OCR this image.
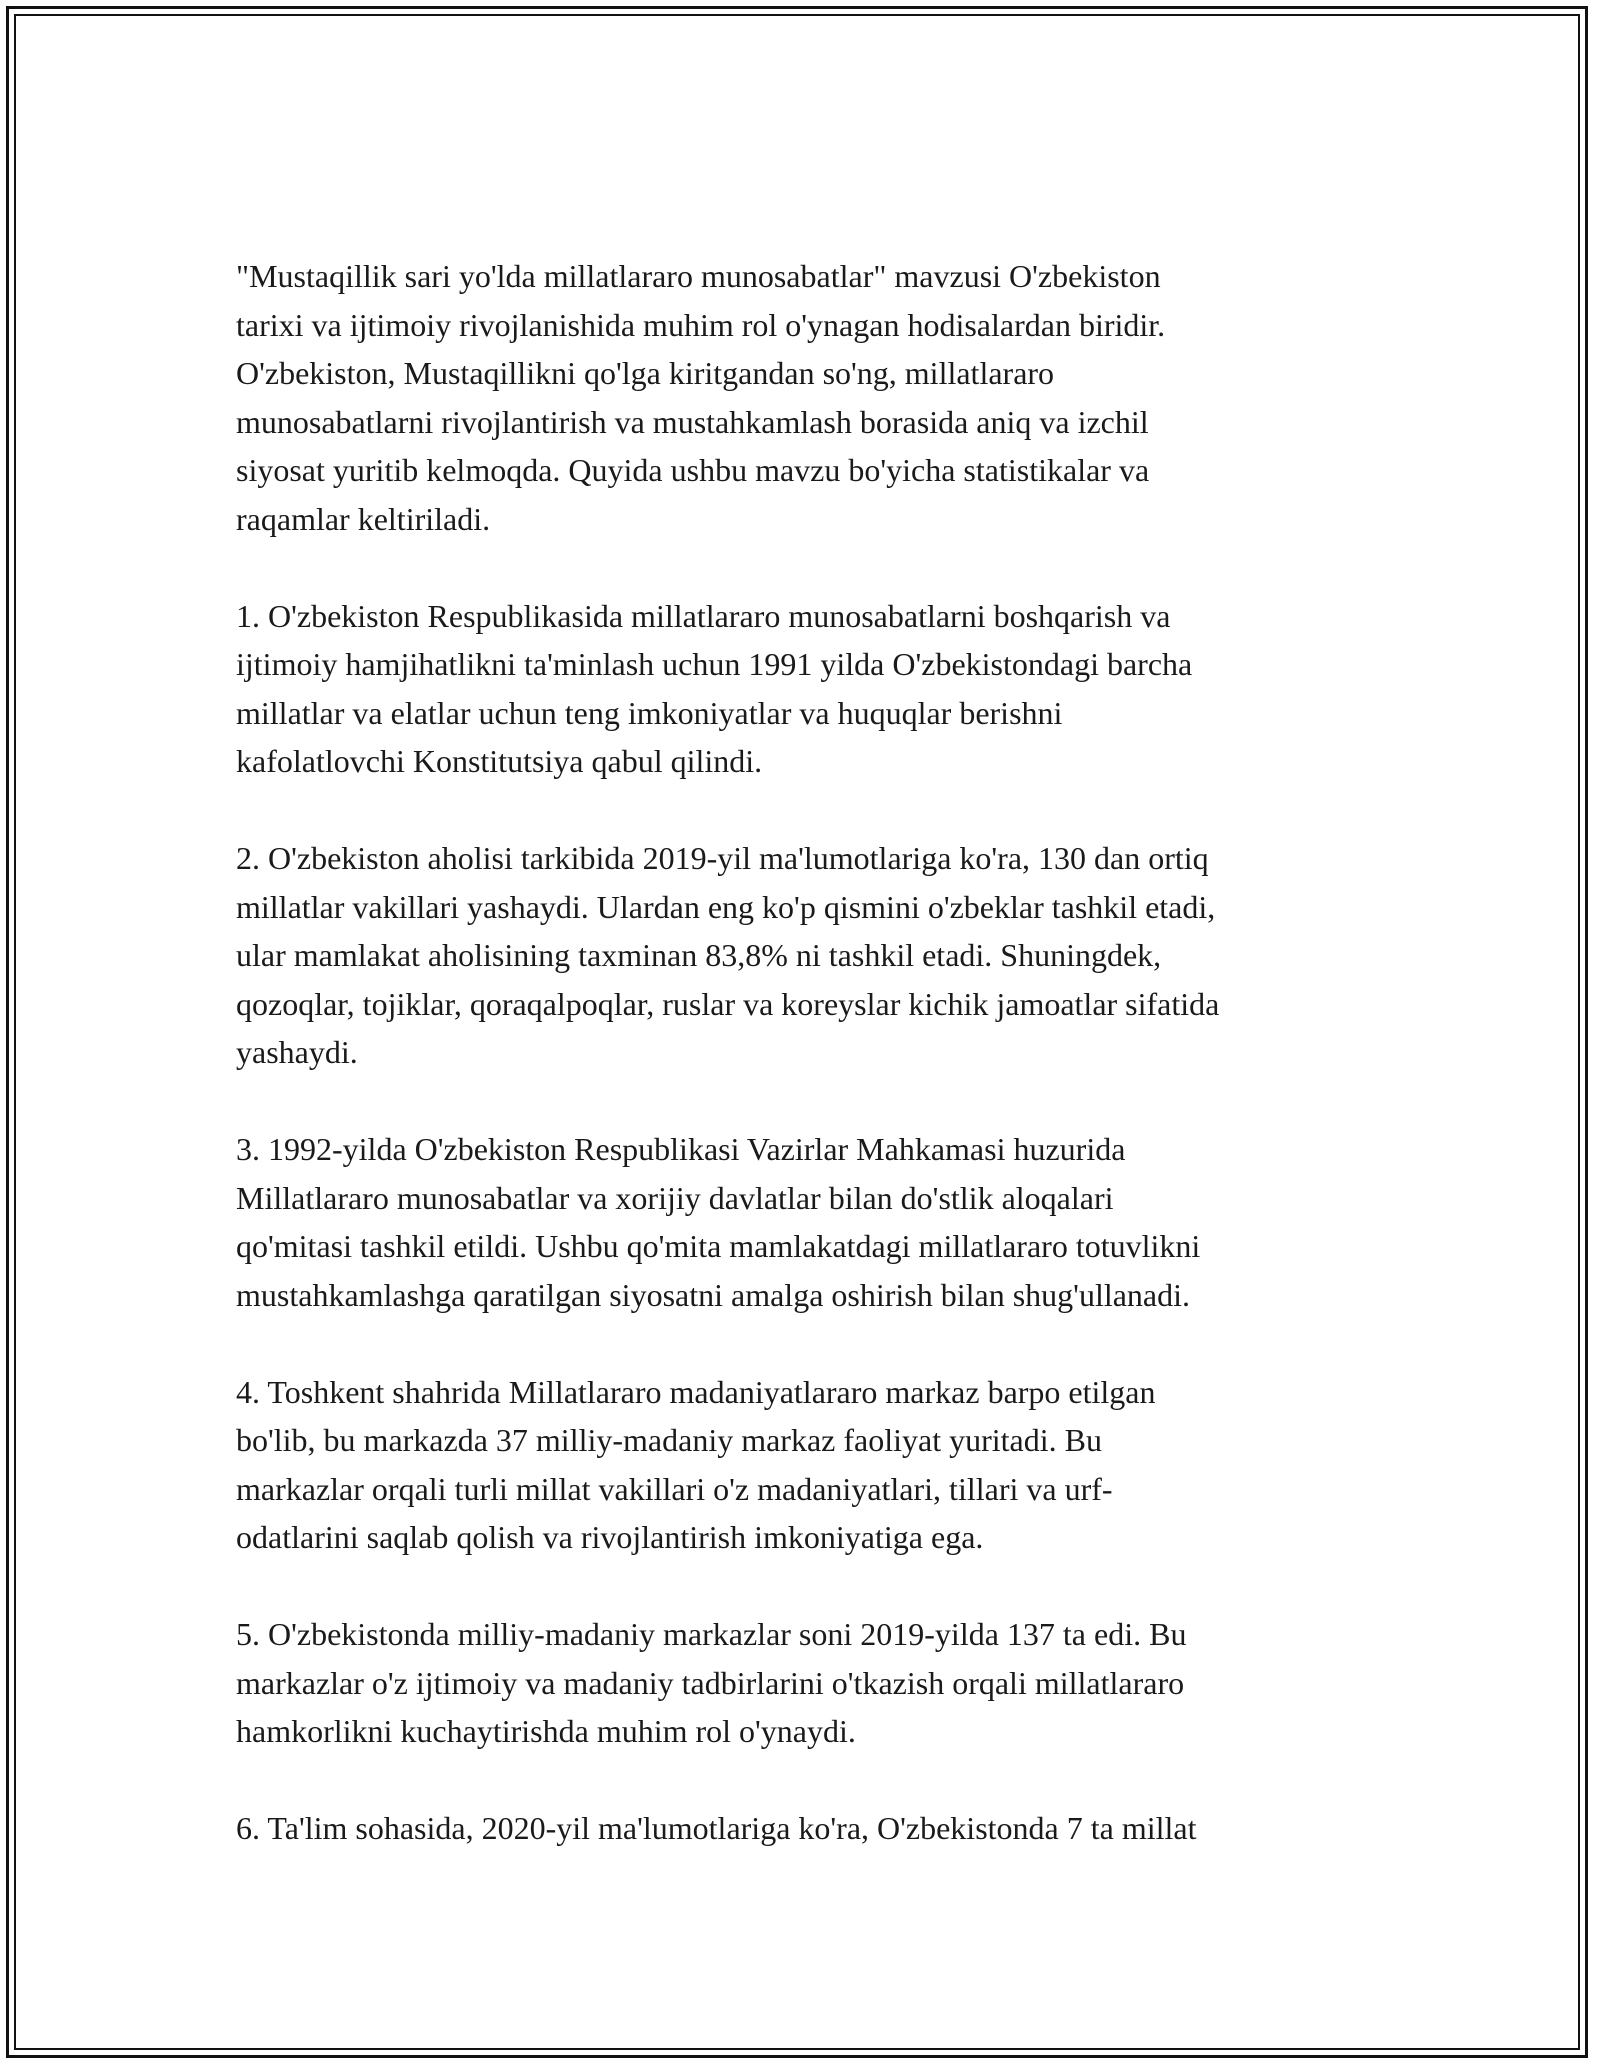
"Mustaqillik sari yo'lda millatlararo munosabatlar" mavzusi O'zbekiston
tarixi va ijtimoiy rivojlanishida muhim rol o'ynagan hodisalardan biridir.
O'zbekiston, Mustaqillikni qo'lga kiritgandan so'ng, millatlararo
munosabatlarni rivojlantirish va mustahkamlash borasida aniq va izchil
siyosat yuritib kelmoqda. Quyida ushbu mavzu bo'yicha statistikalar va
raqamlar keltiriladi.

1. O'zbekiston Respublikasida millatlararo munosabatlarni boshqarish va
ijtimoiy hamjihatlikni ta'minlash uchun 1991 yilda O'zbekistondagi barcha
millatlar va elatlar uchun teng imkoniyatlar va huquqlar berishni
kafolatlovchi Konstitutsiya qabul qilindi.

2. O'zbekiston aholisi tarkibida 2019-yil ma'lumotlariga ko'ra, 130 dan ortiq
millatlar vakillari yashaydi. Ulardan eng ko'p qismini o'zbeklar tashkil etadi,
ular mamlakat aholisining taxminan 83,8% ni tashkil etadi. Shuningdek,
qozoqlar, tojiklar, qoraqalpoqlar, ruslar va koreyslar kichik jamoatlar sifatida
yashaydi.

3. 1992-yilda O'zbekiston Respublikasi Vazirlar Mahkamasi huzurida
Millatlararo munosabatlar va xorijiy davlatlar bilan do'stlik aloqalari
qo'mitasi tashkil etildi. Ushbu qo'mita mamlakatdagi millatlararo totuvlikni
mustahkamlashga qaratilgan siyosatni amalga oshirish bilan shug'ullanadi.

4. Toshkent shahrida Millatlararo madaniyatlararo markaz barpo etilgan
bo'lib, bu markazda 37 milliy-madaniy markaz faoliyat yuritadi. Bu
markazlar orqali turli millat vakillari o'z madaniyatlari, tillari va urf-
odatlarini saqlab qolish va rivojlantirish imkoniyatiga ega.

5. O'zbekistonda milliy-madaniy markazlar soni 2019-yilda 137 ta edi. Bu
markazlar o'z ijtimoiy va madaniy tadbirlarini o'tkazish orqali millatlararo
hamkorlikni kuchaytirishda muhim rol o'ynaydi.

6. Ta'lim sohasida, 2020-yil ma'lumotlariga ko'ra, O'zbekistonda 7 ta millat
